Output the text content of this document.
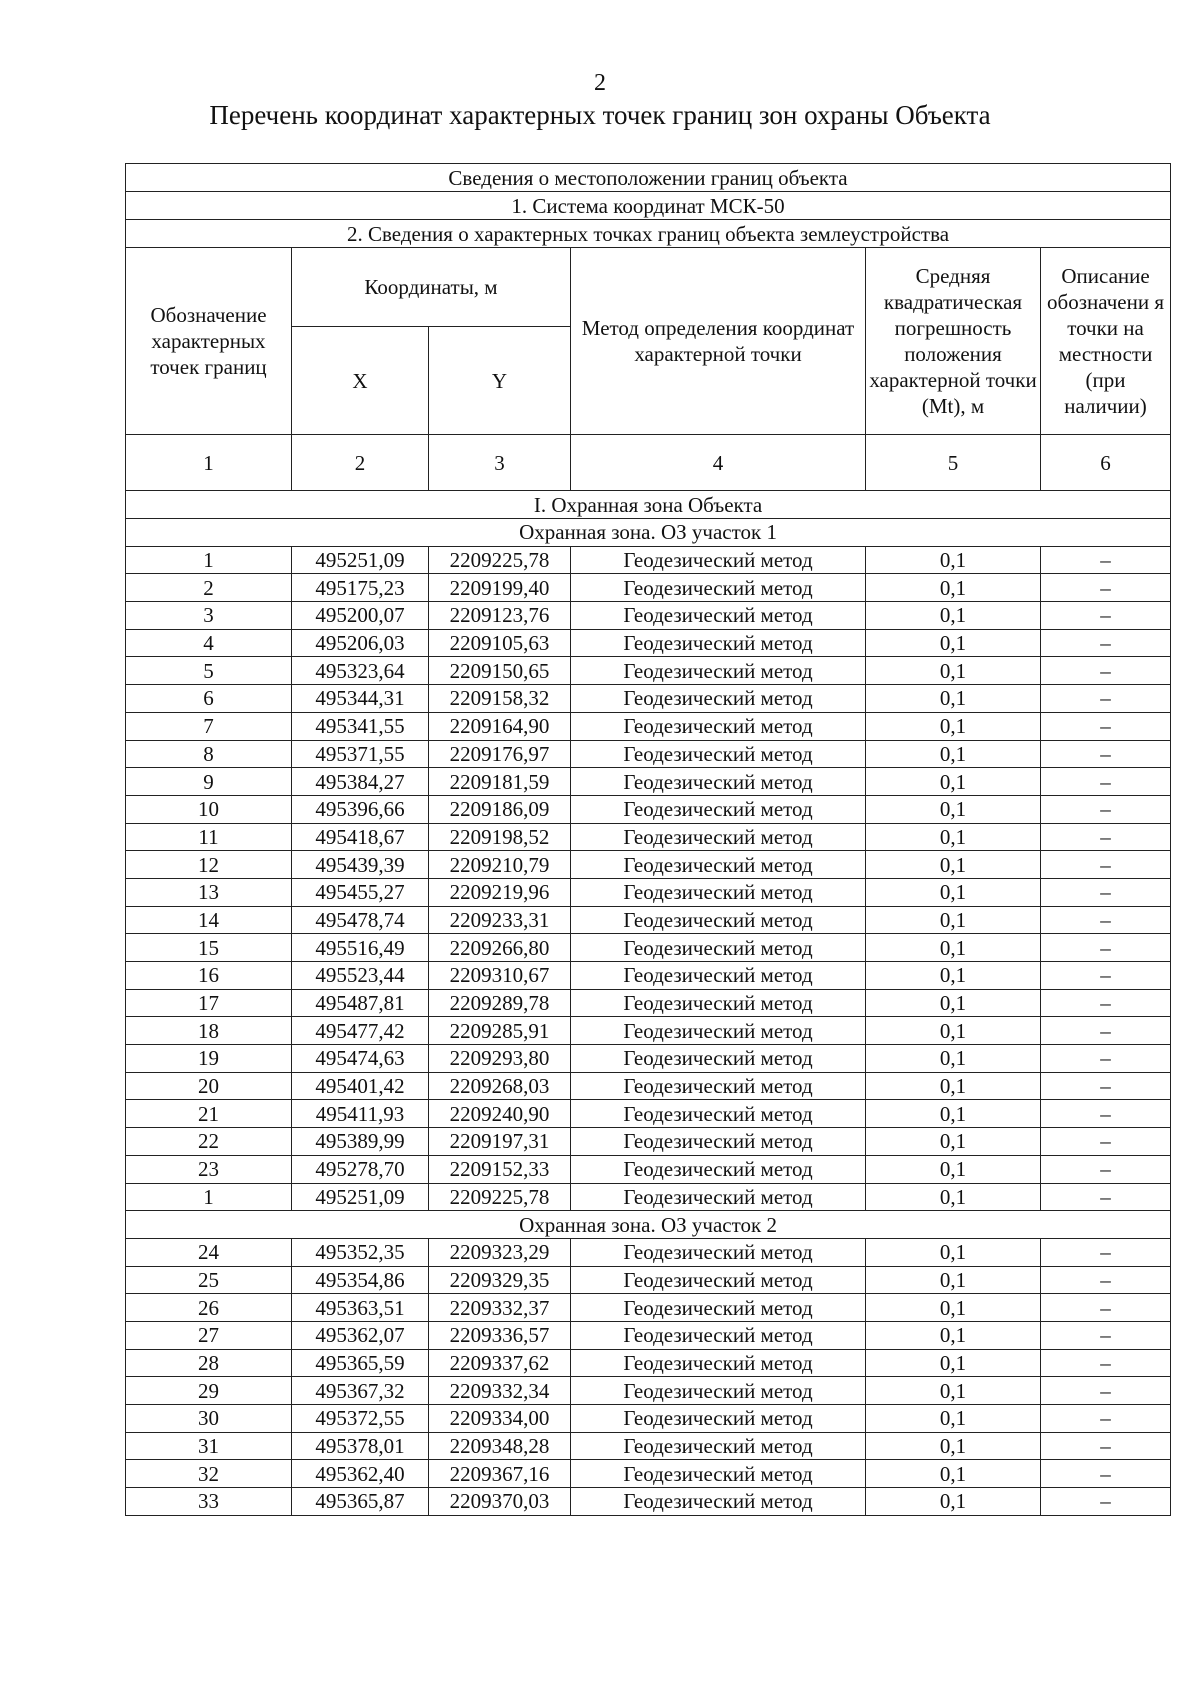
2
Перечень координат характерных точек границ зон охраны Объекта
Сведения о местоположении границ объекта					
1. Система координат МСК-50					
2. Сведения о характерных точках границ объекта землеустройства					
Обозначение характерных точек границ	Координаты, м		Метод определения координат характерной точки	Средняя квадратическая погрешность положения характерной точки (Mt), м	Описание обозначени я точки на местности (при наличии)
	X	Y			
1	2	3	4	5	6
I. Охранная зона Объекта					
Охранная зона. ОЗ участок 1					
1	495251,09	2209225,78	Геодезический метод	0,1	–
2	495175,23	2209199,40	Геодезический метод	0,1	–
3	495200,07	2209123,76	Геодезический метод	0,1	–
4	495206,03	2209105,63	Геодезический метод	0,1	–
5	495323,64	2209150,65	Геодезический метод	0,1	–
6	495344,31	2209158,32	Геодезический метод	0,1	–
7	495341,55	2209164,90	Геодезический метод	0,1	–
8	495371,55	2209176,97	Геодезический метод	0,1	–
9	495384,27	2209181,59	Геодезический метод	0,1	–
10	495396,66	2209186,09	Геодезический метод	0,1	–
11	495418,67	2209198,52	Геодезический метод	0,1	–
12	495439,39	2209210,79	Геодезический метод	0,1	–
13	495455,27	2209219,96	Геодезический метод	0,1	–
14	495478,74	2209233,31	Геодезический метод	0,1	–
15	495516,49	2209266,80	Геодезический метод	0,1	–
16	495523,44	2209310,67	Геодезический метод	0,1	–
17	495487,81	2209289,78	Геодезический метод	0,1	–
18	495477,42	2209285,91	Геодезический метод	0,1	–
19	495474,63	2209293,80	Геодезический метод	0,1	–
20	495401,42	2209268,03	Геодезический метод	0,1	–
21	495411,93	2209240,90	Геодезический метод	0,1	–
22	495389,99	2209197,31	Геодезический метод	0,1	–
23	495278,70	2209152,33	Геодезический метод	0,1	–
1	495251,09	2209225,78	Геодезический метод	0,1	–
Охранная зона. ОЗ участок 2					
24	495352,35	2209323,29	Геодезический метод	0,1	–
25	495354,86	2209329,35	Геодезический метод	0,1	–
26	495363,51	2209332,37	Геодезический метод	0,1	–
27	495362,07	2209336,57	Геодезический метод	0,1	–
28	495365,59	2209337,62	Геодезический метод	0,1	–
29	495367,32	2209332,34	Геодезический метод	0,1	–
30	495372,55	2209334,00	Геодезический метод	0,1	–
31	495378,01	2209348,28	Геодезический метод	0,1	–
32	495362,40	2209367,16	Геодезический метод	0,1	–
33	495365,87	2209370,03	Геодезический метод	0,1	–
